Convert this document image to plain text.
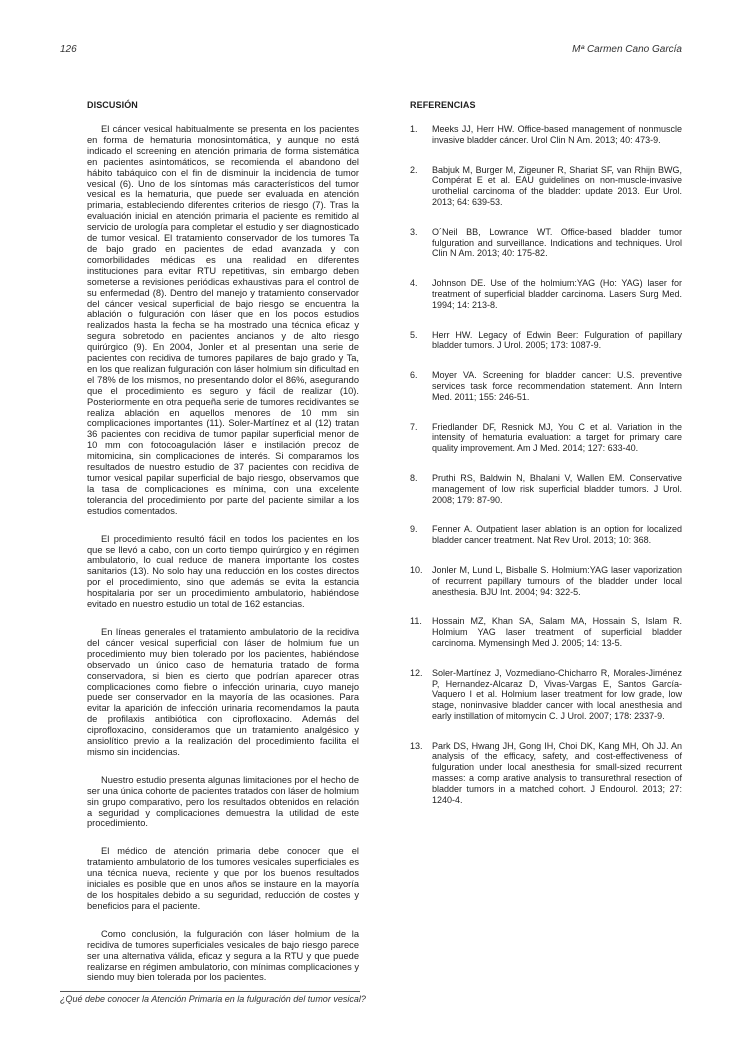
126	Mª Carmen Cano García
DISCUSIÓN

El cáncer vesical habitualmente se presenta en los pacientes en forma de hematuria monosintomática, y aunque no está indicado el screening en atención primaria de forma sistemática en pacientes asintomáticos, se recomienda el abandono del hábito tabáquico con el fin de disminuir la incidencia de tumor vesical (6). Uno de los síntomas más característicos del tumor vesical es la hematuria, que puede ser evaluada en atención primaria, estableciendo diferentes criterios de riesgo (7). Tras la evaluación inicial en atención primaria el paciente es remitido al servicio de urología para completar el estudio y ser diagnosticado de tumor vesical. El tratamiento conservador de los tumores Ta de bajo grado en pacientes de edad avanzada y con comorbilidades médicas es una realidad en diferentes instituciones para evitar RTU repetitivas, sin embargo deben someterse a revisiones periódicas exhaustivas para el control de su enfermedad (8). Dentro del manejo y tratamiento conservador del cáncer vesical superficial de bajo riesgo se encuentra la ablación o fulguración con láser que en los pocos estudios realizados hasta la fecha se ha mostrado una técnica eficaz y segura sobretodo en pacientes ancianos y de alto riesgo quirúrgico (9). En 2004, Jonler et al presentan una serie de pacientes con recidiva de tumores papilares de bajo grado y Ta, en los que realizan fulguración con láser holmium sin dificultad en el 78% de los mismos, no presentando dolor el 86%, asegurando que el procedimiento es seguro y fácil de realizar (10). Posteriormente en otra pequeña serie de tumores recidivantes se realiza ablación en aquellos menores de 10 mm sin complicaciones importantes (11). Soler-Martínez et al (12) tratan 36 pacientes con recidiva de tumor papilar superficial menor de 10 mm con fotocoagulación láser e instilación precoz de mitomicina, sin complicaciones de interés. Si comparamos los resultados de nuestro estudio de 37 pacientes con recidiva de tumor vesical papilar superficial de bajo riesgo, observamos que la tasa de complicaciones es mínima, con una excelente tolerancia del procedimiento por parte del paciente similar a los estudios comentados.

El procedimiento resultó fácil en todos los pacientes en los que se llevó a cabo, con un corto tiempo quirúrgico y en régimen ambulatorio, lo cual reduce de manera importante los costes sanitarios (13). No solo hay una reducción en los costes directos por el procedimiento, sino que además se evita la estancia hospitalaria por ser un procedimiento ambulatorio, habiéndose evitado en nuestro estudio un total de 162 estancias.

En líneas generales el tratamiento ambulatorio de la recidiva del cáncer vesical superficial con láser de holmium fue un procedimiento muy bien tolerado por los pacientes, habiéndose observado un único caso de hematuria tratado de forma conservadora, si bien es cierto que podrían aparecer otras complicaciones como fiebre o infección urinaria, cuyo manejo puede ser conservador en la mayoría de las ocasiones. Para evitar la aparición de infección urinaria recomendamos la pauta de profilaxis antibiótica con ciprofloxacino. Además del ciprofloxacino, consideramos que un tratamiento analgésico y ansiolítico previo a la realización del procedimiento facilita el mismo sin incidencias.

Nuestro estudio presenta algunas limitaciones por el hecho de ser una única cohorte de pacientes tratados con láser de holmium sin grupo comparativo, pero los resultados obtenidos en relación a seguridad y complicaciones demuestra la utilidad de este procedimiento.

El médico de atención primaria debe conocer que el tratamiento ambulatorio de los tumores vesicales superficiales es una técnica nueva, reciente y que por los buenos resultados iniciales es posible que en unos años se instaure en la mayoría de los hospitales debido a su seguridad, reducción de costes y beneficios para el paciente.

Como conclusión, la fulguración con láser holmium de la recidiva de tumores superficiales vesicales de bajo riesgo parece ser una alternativa válida, eficaz y segura a la RTU y que puede realizarse en régimen ambulatorio, con mínimas complicaciones y siendo muy bien tolerada por los pacientes.

REFERENCIAS
1.	Meeks JJ, Herr HW. Office-based management of nonmuscle invasive bladder cáncer. Urol Clin N Am. 2013; 40: 473-9.
2.	Babjuk M, Burger M, Zigeuner R, Shariat SF, van Rhijn BWG, Compérat E et al. EAU guidelines on non-muscle-invasive urothelial carcinoma of the bladder: update 2013. Eur Urol. 2013; 64: 639-53.
3.	O´Neil BB, Lowrance WT. Office-based bladder tumor fulguration and surveillance. Indications and techniques. Urol Clin N Am. 2013; 40: 175-82.
4.	Johnson DE. Use of the holmium:YAG (Ho: YAG) laser for treatment of superficial bladder carcinoma. Lasers Surg Med. 1994; 14: 213-8.
5.	Herr HW. Legacy of Edwin Beer: Fulguration of papillary bladder tumors. J Urol. 2005; 173: 1087-9.
6.	Moyer VA. Screening for bladder cancer: U.S. preventive services task force recommendation statement. Ann Intern Med. 2011; 155: 246-51.
7.	Friedlander DF, Resnick MJ, You C et al. Variation in the intensity of hematuria evaluation: a target for primary care quality improvement. Am J Med. 2014; 127: 633-40.
8.	Pruthi RS, Baldwin N, Bhalani V, Wallen EM. Conservative management of low risk superficial bladder tumors. J Urol. 2008; 179: 87-90.
9.	Fenner A. Outpatient laser ablation is an option for localized bladder cancer treatment. Nat Rev Urol. 2013; 10: 368.
10.	Jonler M, Lund L, Bisballe S. Holmium:YAG laser vaporization of recurrent papillary tumours of the bladder under local anesthesia. BJU Int. 2004; 94: 322-5.
11.	Hossain MZ, Khan SA, Salam MA, Hossain S, Islam R. Holmium YAG laser treatment of superficial bladder carcinoma. Mymensingh Med J. 2005; 14: 13-5.
12.	Soler-Martínez J, Vozmediano-Chicharro R, Morales-Jiménez P, Hernandez-Alcaraz D, Vivas-Vargas E, Santos García-Vaquero I et al. Holmium laser treatment for low grade, low stage, noninvasive bladder cancer with local anesthesia and early instillation of mitomycin C. J Urol. 2007; 178: 2337-9.
13.	Park DS, Hwang JH, Gong IH, Choi DK, Kang MH, Oh JJ. An analysis of the efficacy, safety, and cost-effectiveness of fulguration under local anesthesia for small-sized recurrent masses: a comp arative analysis to transurethral resection of bladder tumors in a matched cohort. J Endourol. 2013; 27: 1240-4.
¿Qué debe conocer la Atención Primaria en la fulguración del tumor vesical?
